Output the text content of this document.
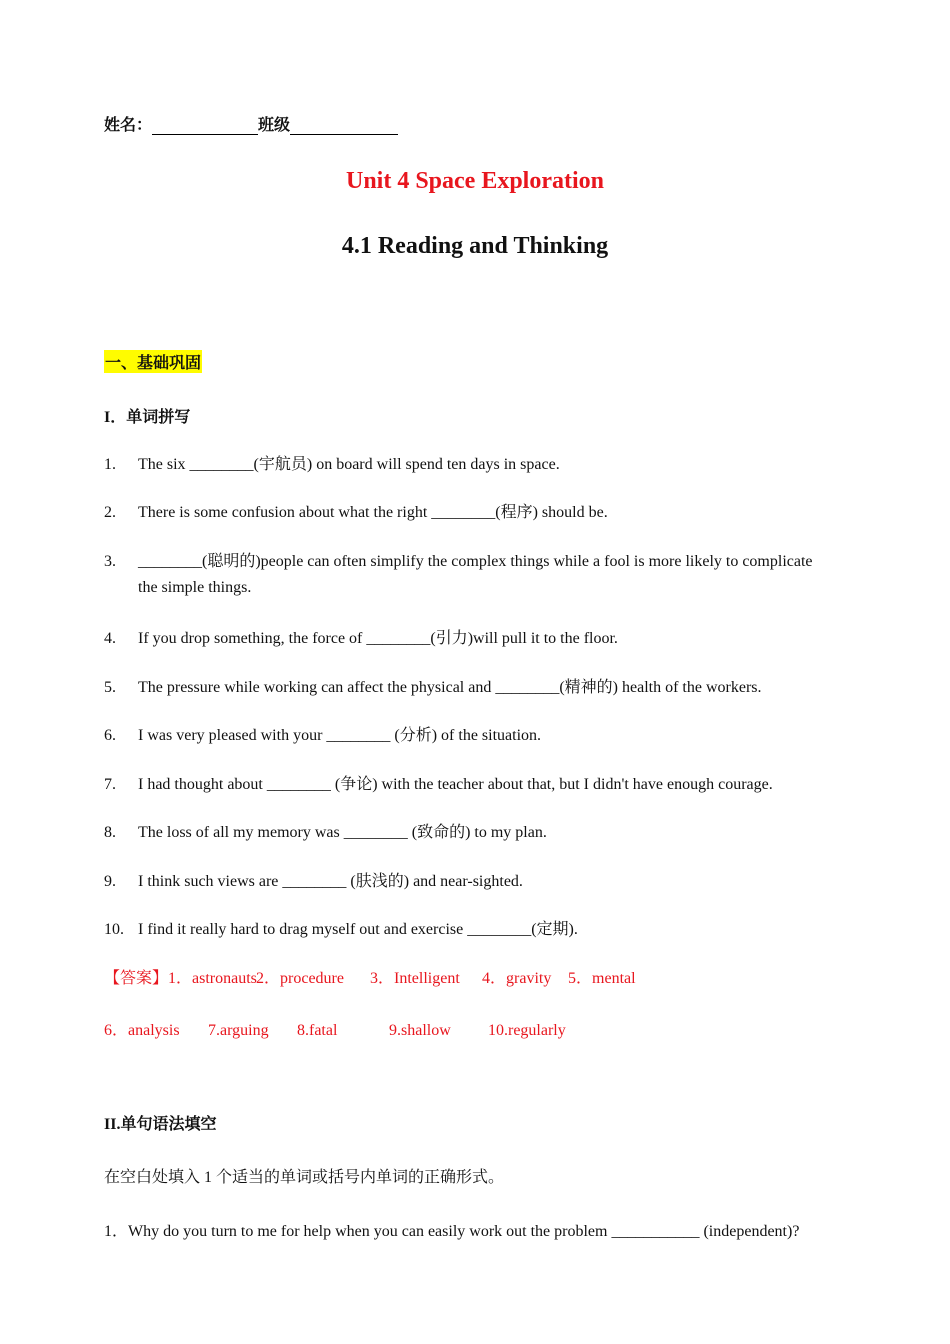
姓名：	班级
Unit 4 Space Exploration
4.1 Reading and Thinking
一、基础巩固
I．单词拼写
1. The six ________(宇航员) on board will spend ten days in space.
2. There is some confusion about what the right ________(程序) should be.
3. ________(聪明的)people can often simplify the complex things while a fool is more likely to complicate
the simple things.
4. If you drop something, the force of ________(引力)will pull it to the floor.
5. The pressure while working can affect the physical and ________(精神的) health of the workers.
6. I was very pleased with your ________ (分析) of the situation.
7. I had thought about ________ (争论) with the teacher about that, but I didn't have enough courage.
8. The loss of all my memory was ________ (致命的) to my plan.
9. I think such views are ________ (肤浅的) and near-sighted.
10. I find it really hard to drag myself out and exercise ________(定期).
【答案】1．astronauts2．procedure 3．Intelligent 4．gravity 5．mental
6．analysis 7.arguing 8.fatal	9.shallow 10.regularly
II.单句语法填空
在空白处填入 1 个适当的单词或括号内单词的正确形式。
1．Why do you turn to me for help when you can easily work out the problem ___________ (independent)?
